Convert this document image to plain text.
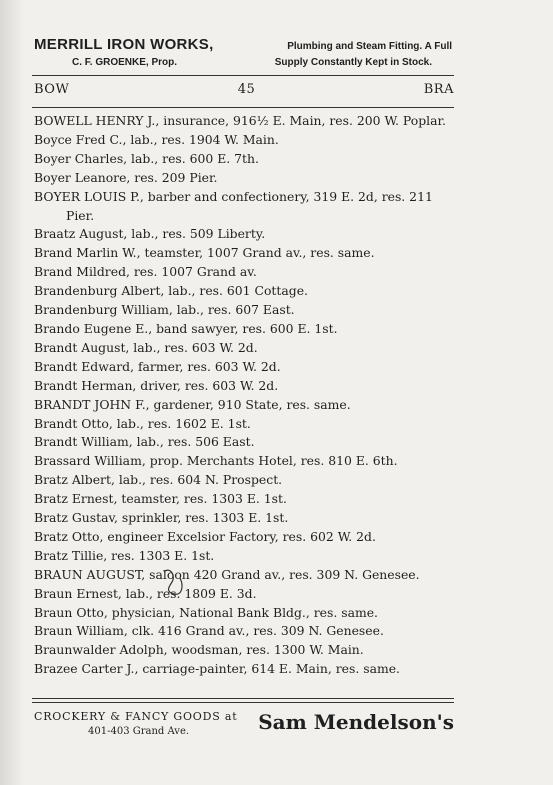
MERRILL IRON WORKS,	Plumbing and Steam Fitting. A Full
C. F. GROENKE, Prop.	Supply Constantly Kept in Stock.
BOW	45	BRA
BOWELL HENRY J., insurance, 916½ E. Main, res. 200 W. Poplar.
Boyce Fred C., lab., res. 1904 W. Main.
Boyer Charles, lab., res. 600 E. 7th.
Boyer Leanore, res. 209 Pier.
BOYER LOUIS P., barber and confectionery, 319 E. 2d, res. 211 Pier.
Braatz August, lab., res. 509 Liberty.
Brand Marlin W., teamster, 1007 Grand av., res. same.
Brand Mildred, res. 1007 Grand av.
Brandenburg Albert, lab., res. 601 Cottage.
Brandenburg William, lab., res. 607 East.
Brando Eugene E., band sawyer, res. 600 E. 1st.
Brandt August, lab., res. 603 W. 2d.
Brandt Edward, farmer, res. 603 W. 2d.
Brandt Herman, driver, res. 603 W. 2d.
BRANDT JOHN F., gardener, 910 State, res. same.
Brandt Otto, lab., res. 1602 E. 1st.
Brandt William, lab., res. 506 East.
Brassard William, prop. Merchants Hotel, res. 810 E. 6th.
Bratz Albert, lab., res. 604 N. Prospect.
Bratz Ernest, teamster, res. 1303 E. 1st.
Bratz Gustav, sprinkler, res. 1303 E. 1st.
Bratz Otto, engineer Excelsior Factory, res. 602 W. 2d.
Bratz Tillie, res. 1303 E. 1st.
BRAUN AUGUST, saloon 420 Grand av., res. 309 N. Genesee.
Braun Ernest, lab., res. 1809 E. 3d.
Braun Otto, physician, National Bank Bldg., res. same.
Braun William, clk. 416 Grand av., res. 309 N. Genesee.
Braunwalder Adolph, woodsman, res. 1300 W. Main.
Brazee Carter J., carriage-painter, 614 E. Main, res. same.
CROCKERY & FANCY GOODS at
401-403 Grand Ave.	Sam Mendelson's
